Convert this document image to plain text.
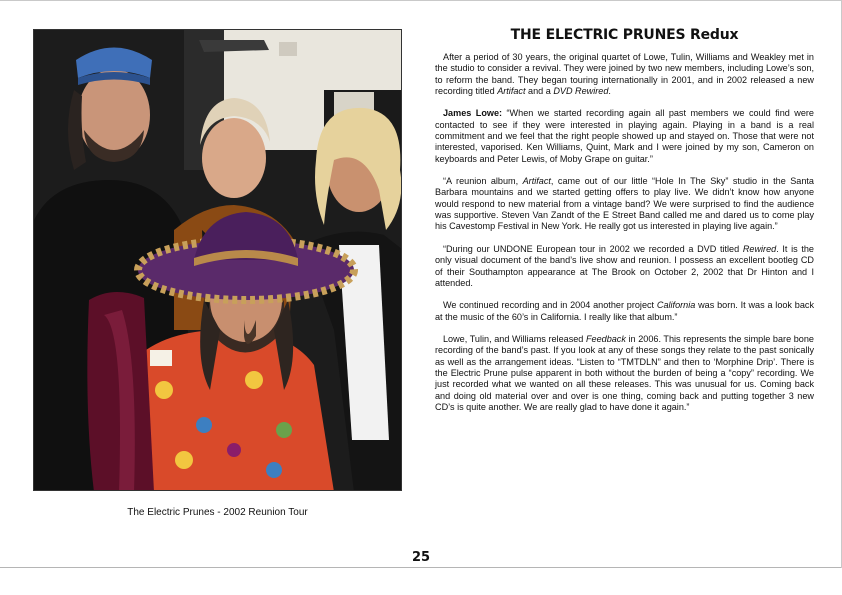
The Electric Prunes - 2002 Reunion Tour
THE ELECTRIC PRUNES Redux

After a period of 30 years, the original quartet of Lowe, Tulin, Williams and Weakley met in the studio to consider a revival. They were joined by two new members, including Lowe’s son, to reform the band. They began touring internationally in 2001, and in 2002 released a new recording titled Artifact and a DVD Rewired.

James Lowe: “When we started recording again all past members we could find were contacted to see if they were interested in playing again. Playing in a band is a real commitment and we feel that the right people showed up and stayed on. Those that were not interested, vaporised. Ken Williams, Quint, Mark and I were joined by my son, Cameron on keyboards and Peter Lewis, of Moby Grape on guitar.”

“A reunion album, Artifact, came out of our little “Hole In The Sky” studio in the Santa Barbara mountains and we started getting offers to play live. We didn’t know how anyone would respond to new material from a vintage band? We were surprised to find the audience was supportive. Steven Van Zandt of the E Street Band called me and dared us to come play his Cavestomp Festival in New York. He really got us interested in playing live again.”

“During our UNDONE European tour in 2002 we recorded a DVD titled Rewired. It is the only visual document of the band’s live show and reunion. I possess an excellent bootleg CD of their Southampton appearance at The Brook on October 2, 2002 that Dr Hinton and I attended.

We continued recording and in 2004 another project California was born. It was a look back at the music of the 60’s in California. I really like that album.”

Lowe, Tulin, and Williams released Feedback in 2006. This represents the simple bare bone recording of the band’s past. If you look at any of these songs they relate to the past sonically as well as the arrangement ideas. “Listen to “TMTDLN” and then to ‘Morphine Drip’. There is the Electric Prune pulse apparent in both without the burden of being a “copy” recording. We just recorded what we wanted on all these releases. This was unusual for us. Coming back and doing old material over and over is one thing, coming back and putting together 3 new CD’s is quite another. We are really glad to have done it again.”

25
